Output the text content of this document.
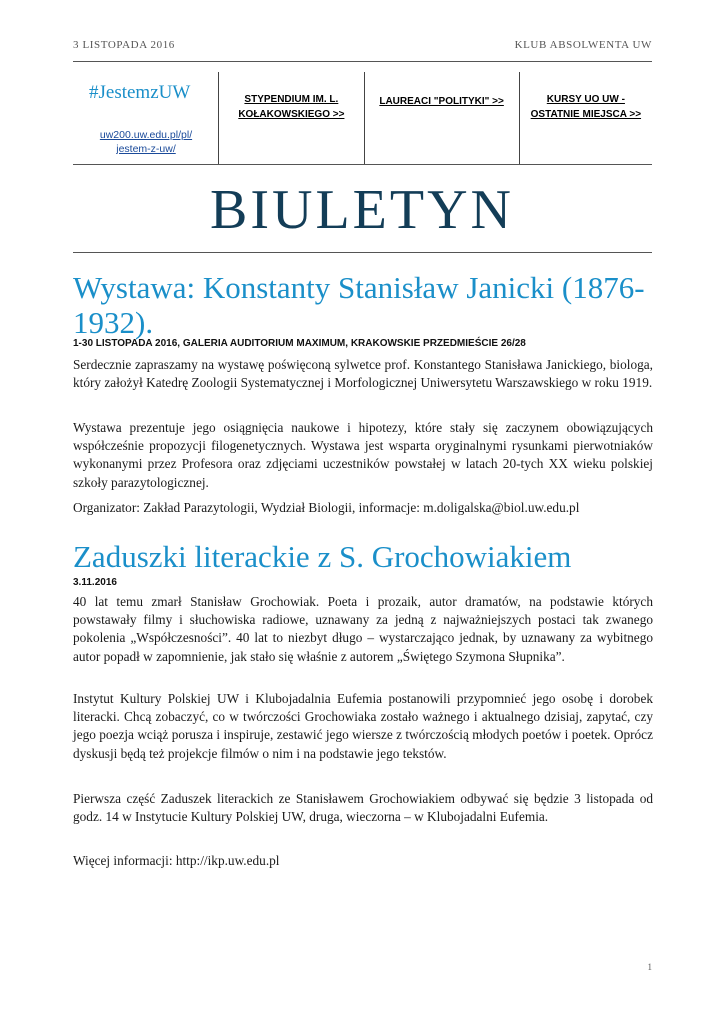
3 LISTOPADA 2016	KLUB ABSOLWENTA UW
#JestemzUW
uw200.uw.edu.pl/pl/
jestem-z-uw/
STYPENDIUM IM. L. KOŁAKOWSKIEGO >>
LAUREACI "POLITYKI" >>	KURSY UO UW - OSTATNIE MIEJSCA >>
BIULETYN
Wystawa: Konstanty Stanisław Janicki (1876-1932).
1-30 LISTOPADA 2016, GALERIA AUDITORIUM MAXIMUM, KRAKOWSKIE PRZEDMIEŚCIE 26/28

Serdecznie zapraszamy na wystawę poświęconą sylwetce prof. Konstantego Stanisława Janickiego, biologa, który założył Katedrę Zoologii Systematycznej i Morfologicznej Uniwersytetu Warszawskiego w roku 1919.

Wystawa prezentuje jego osiągnięcia naukowe i hipotezy, które stały się zaczynem obowiązujących współcześnie propozycji filogenetycznych. Wystawa jest wsparta oryginalnymi rysunkami pierwotniaków wykonanymi przez Profesora oraz zdjęciami uczestników powstałej w latach 20-tych XX wieku polskiej szkoły parazytologicznej.

Organizator: Zakład Parazytologii, Wydział Biologii, informacje: m.doligalska@biol.uw.edu.pl

Zaduszki literackie z S. Grochowiakiem
3.11.2016

40 lat temu zmarł Stanisław Grochowiak. Poeta i prozaik, autor dramatów, na podstawie których powstawały filmy i słuchowiska radiowe, uznawany za jedną z najważniejszych postaci tak zwanego pokolenia „Współczesności”. 40 lat to niezbyt długo – wystarczająco jednak, by uznawany za wybitnego autor popadł w zapomnienie, jak stało się właśnie z autorem „Świętego Szymona Słupnika”.

Instytut Kultury Polskiej UW i Klubojadalnia Eufemia postanowili przypomnieć jego osobę i dorobek literacki. Chcą zobaczyć, co w twórczości Grochowiaka zostało ważnego i aktualnego dzisiaj, zapytać, czy jego poezja wciąż porusza i inspiruje, zestawić jego wiersze z twórczością młodych poetów i poetek. Oprócz dyskusji będą też projekcje filmów o nim i na podstawie jego tekstów.

Pierwsza część Zaduszek literackich ze Stanisławem Grochowiakiem odbywać się będzie 3 listopada od godz. 14 w Instytucie Kultury Polskiej UW, druga, wieczorna – w Klubojadalni Eufemia.

Więcej informacji: http://ikp.uw.edu.pl

1
